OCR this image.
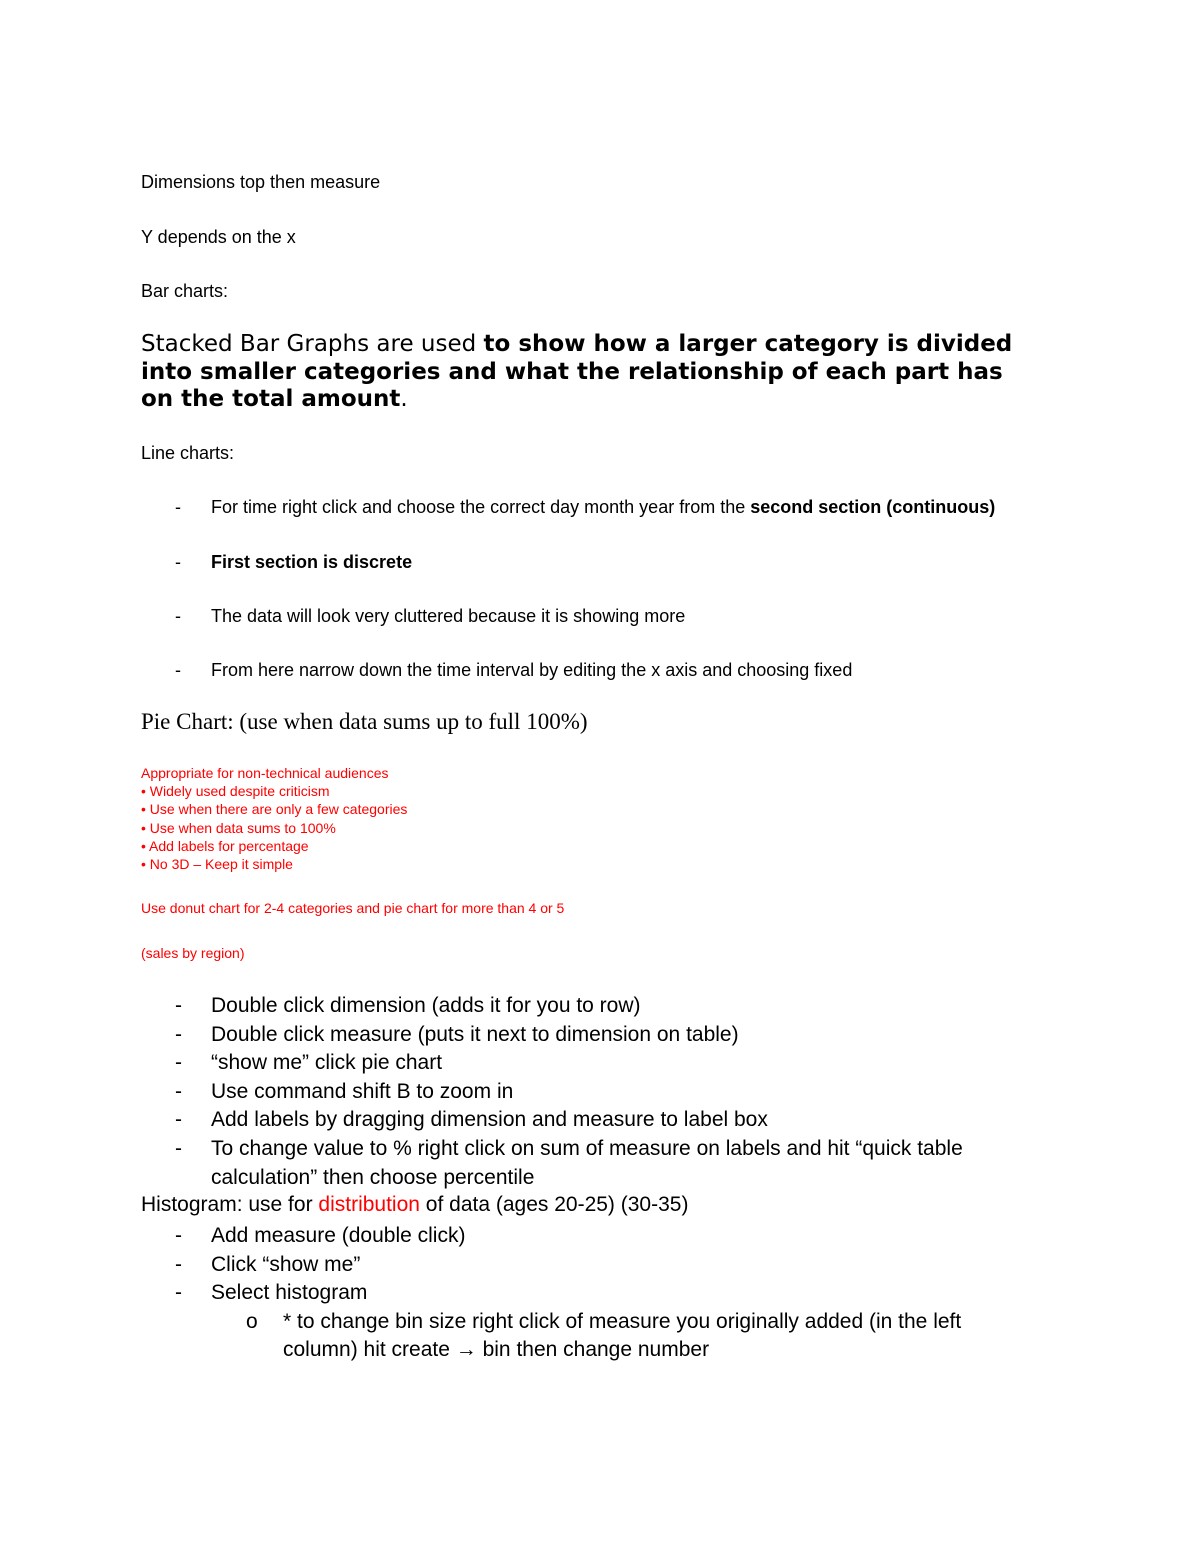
Dimensions top then measure
Y depends on the x
Bar charts:
Stacked Bar Graphs are used to show how a larger category is divided
into smaller categories and what the relationship of each part has
on the total amount.
Line charts:
- For time right click and choose the correct day month year from the second section (continuous)
- First section is discrete
- The data will look very cluttered because it is showing more
- From here narrow down the time interval by editing the x axis and choosing fixed
Pie Chart: (use when data sums up to full 100%)
Appropriate for non-technical audiences
• Widely used despite criticism
• Use when there are only a few categories
• Use when data sums to 100%
• Add labels for percentage
• No 3D – Keep it simple
Use donut chart for 2-4 categories and pie chart for more than 4 or 5
(sales by region)
- Double click dimension (adds it for you to row)
- Double click measure (puts it next to dimension on table)
- “show me” click pie chart
- Use command shift B to zoom in
- Add labels by dragging dimension and measure to label box
- To change value to % right click on sum of measure on labels and hit “quick table
calculation” then choose percentile
Histogram: use for distribution of data (ages 20-25) (30-35)
- Add measure (double click)
- Click “show me”
- Select histogram
o * to change bin size right click of measure you originally added (in the left
column) hit create → bin then change number
